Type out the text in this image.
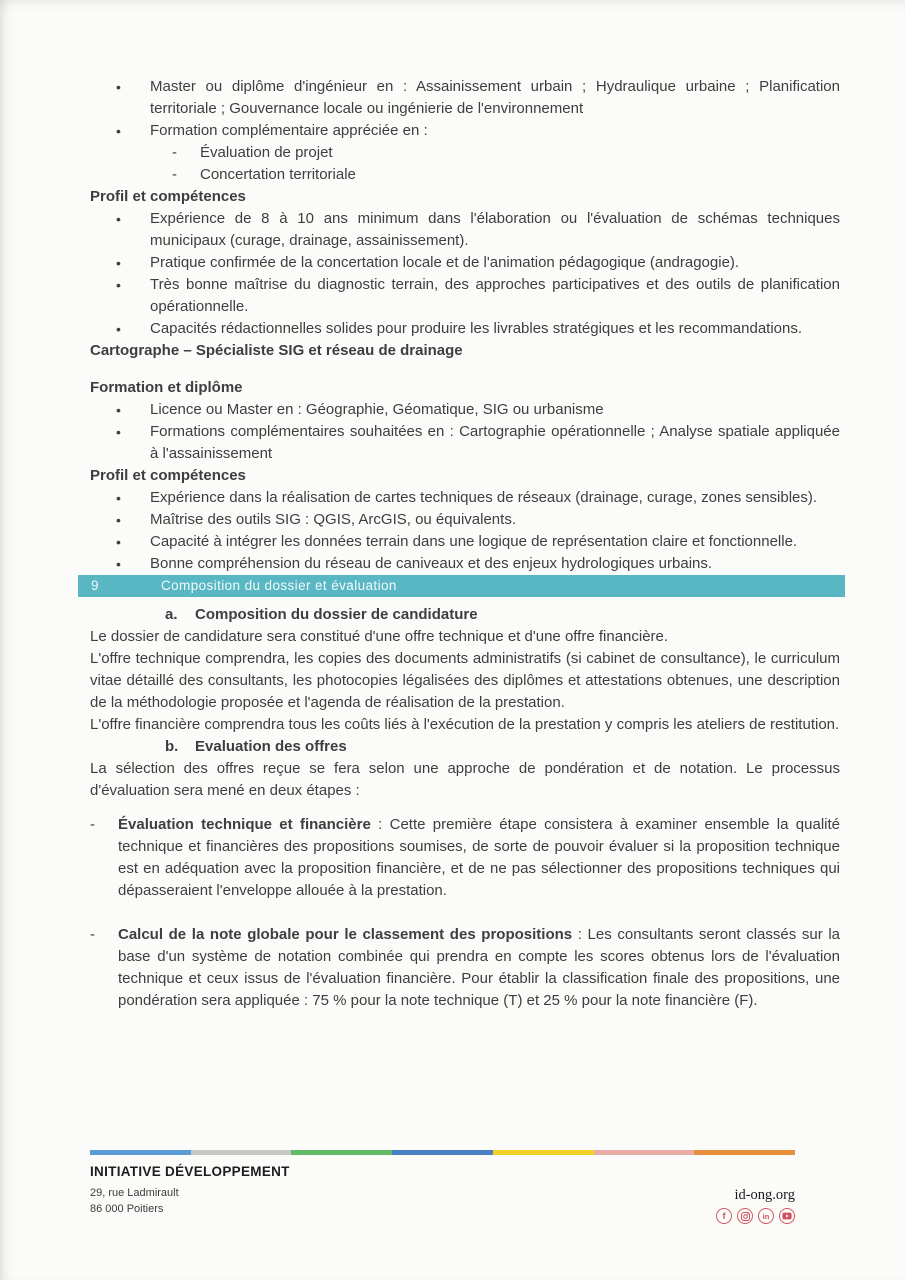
• Master ou diplôme d'ingénieur en : Assainissement urbain ; Hydraulique urbaine ; Planification territoriale ; Gouvernance locale ou ingénierie de l'environnement
• Formation complémentaire appréciée en :
- Évaluation de projet
- Concertation territoriale

Profil et compétences

• Expérience de 8 à 10 ans minimum dans l'élaboration ou l'évaluation de schémas techniques municipaux (curage, drainage, assainissement).
• Pratique confirmée de la concertation locale et de l'animation pédagogique (andragogie).
• Très bonne maîtrise du diagnostic terrain, des approches participatives et des outils de planification opérationnelle.
• Capacités rédactionnelles solides pour produire les livrables stratégiques et les recommandations.

Cartographe – Spécialiste SIG et réseau de drainage

Formation et diplôme

• Licence ou Master en : Géographie, Géomatique, SIG ou urbanisme
• Formations complémentaires souhaitées en : Cartographie opérationnelle ; Analyse spatiale appliquée à l'assainissement

Profil et compétences

• Expérience dans la réalisation de cartes techniques de réseaux (drainage, curage, zones sensibles).
• Maîtrise des outils SIG : QGIS, ArcGIS, ou équivalents.
• Capacité à intégrer les données terrain dans une logique de représentation claire et fonctionnelle.
• Bonne compréhension du réseau de caniveaux et des enjeux hydrologiques urbains.
9	Composition du dossier et évaluation

a. Composition du dossier de candidature

Le dossier de candidature sera constitué d'une offre technique et d'une offre financière.

L'offre technique comprendra, les copies des documents administratifs (si cabinet de consultance), le curriculum vitae détaillé des consultants, les photocopies légalisées des diplômes et attestations obtenues, une description de la méthodologie proposée et l'agenda de réalisation de la prestation.

L'offre financière comprendra tous les coûts liés à l'exécution de la prestation y compris les ateliers de restitution.

b. Evaluation des offres

La sélection des offres reçue se fera selon une approche de pondération et de notation. Le processus d'évaluation sera mené en deux étapes :

- Évaluation technique et financière : Cette première étape consistera à examiner ensemble la qualité technique et financières des propositions soumises, de sorte de pouvoir évaluer si la proposition technique est en adéquation avec la proposition financière, et de ne pas sélectionner des propositions techniques qui dépasseraient l'enveloppe allouée à la prestation.
- Calcul de la note globale pour le classement des propositions : Les consultants seront classés sur la base d'un système de notation combinée qui prendra en compte les scores obtenus lors de l'évaluation technique et ceux issus de l'évaluation financière. Pour établir la classification finale des propositions, une pondération sera appliquée : 75 % pour la note technique (T) et 25 % pour la note financière (F).

INITIATIVE DÉVELOPPEMENT

29, rue Ladmirault
86 000 Poitiers
id-ong.org
f	in
